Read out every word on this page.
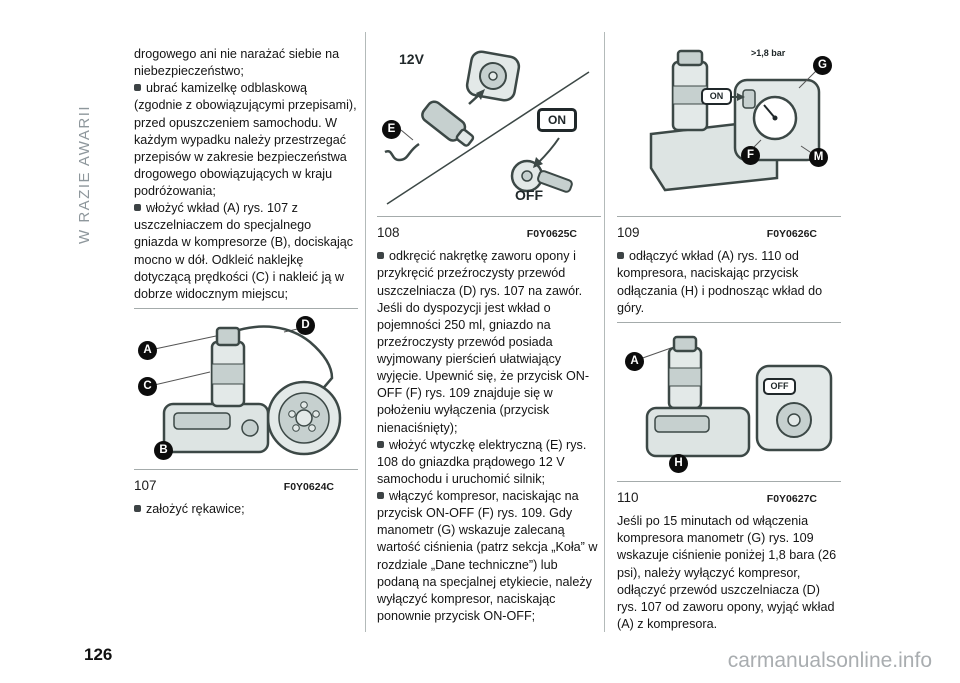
W RAZIE AWARII

drogowego ani nie narażać siebie na niebezpieczeństwo;

ubrać kamizelkę odblaskową (zgodnie z obowiązującymi przepisami), przed opuszczeniem samochodu. W każdym wypadku należy przestrzegać przepisów w zakresie bezpieczeństwa drogowego obowiązujących w kraju podróżowania;

włożyć wkład (A) rys. 107 z uszczelniaczem do specjalnego gniazda w kompresorze (B), dociskając mocno w dół. Odkleić naklejkę dotyczącą prędkości (C) i nakleić ją w dobrze widocznym miejscu;

A
C
B
D
107	F0Y0624C

założyć rękawice;

12V
E
ON
OFF
108	F0Y0625C

odkręcić nakrętkę zaworu opony i przykręcić przeźroczysty przewód uszczelniacza (D) rys. 107 na zawór. Jeśli do dyspozycji jest wkład o pojemności 250 ml, gniazdo na przeźroczysty przewód posiada wyjmowany pierścień ułatwiający wyjęcie. Upewnić się, że przycisk ON-OFF (F) rys. 109 znajduje się w położeniu wyłączenia (przycisk nienaciśnięty);

włożyć wtyczkę elektryczną (E) rys. 108 do gniazdka prądowego 12 V samochodu i uruchomić silnik;

włączyć kompresor, naciskając na przycisk ON-OFF (F) rys. 109. Gdy manometr (G) wskazuje zalecaną wartość ciśnienia (patrz sekcja „Koła” w rozdziale „Dane techniczne”) lub podaną na specjalnej etykiecie, należy wyłączyć kompresor, naciskając ponownie przycisk ON-OFF;

>1,8 bar
G
ON
F	M
109	F0Y0626C

odłączyć wkład (A) rys. 110 od kompresora, naciskając przycisk odłączania (H) i podnosząc wkład do góry.

A
OFF
H
110	F0Y0627C

Jeśli po 15 minutach od włączenia kompresora manometr (G) rys. 109 wskazuje ciśnienie poniżej 1,8 bara (26 psi), należy wyłączyć kompresor, odłączyć przewód uszczelniacza (D) rys. 107 od zaworu opony, wyjąć wkład (A) z kompresora.

126	carmanualsonline.info
